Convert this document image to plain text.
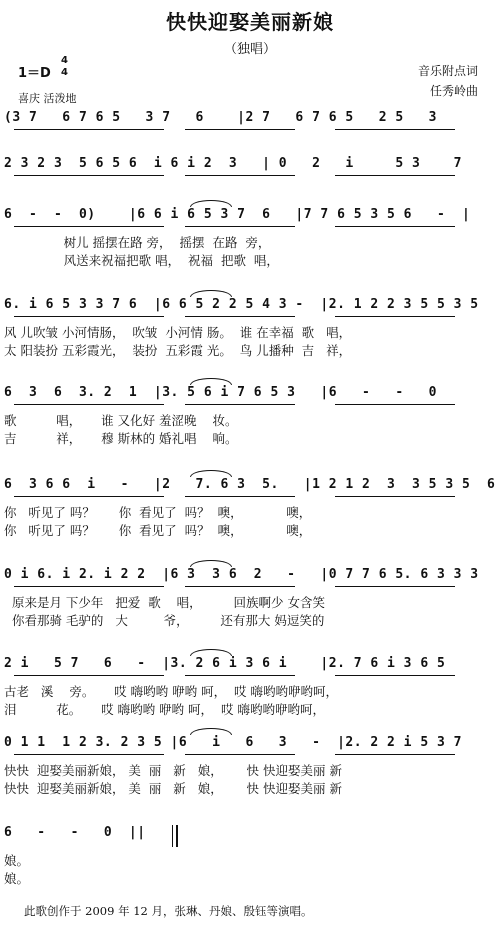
快快迎娶美丽新娘
（独唱）
1＝D
4
4
喜庆 活泼地
音乐附点词
任秀岭曲
(3 7   6 7 6 5   3 7   6    |2 7   6 7 6 5   2 5   3
2 3 2 3  5 6 5 6  i 6 i 2  3   | 0   2   i     5 3    7
6  -  -  0)    |6 6 i 6 5 3 7  6   |7 7 6 5 3 5 6   -  |
树儿 摇摆在路 旁，  摇摆  在路  旁，
风送来祝福把歌 唱，  祝福  把歌  唱，
6. i 6 5 3 3 7 6  |6 6 5 2 2 5 4 3 -  |2. 1 2 2 3 5 5 3 5
风 儿吹皱 小河情肠，  吹皱  小河情 肠。  谁 在幸福  歌   唱，
太 阳装扮 五彩霞光，  装扮  五彩霞 光。  鸟 儿播种  吉   祥，
6  3  6  3. 2  1  |3. 5 6 i 7 6 5 3   |6   -   -   0
歌          唱，     谁 又化好 羞涩晚    妆。
吉          祥，     穆 斯林的 婚礼唱    响。
6  3 6 6  i   -   |2   7. 6 3  5.   |1 2 1 2  3  3 5 3 5  6
你   听见了 吗？      你  看见了  吗？  噢，           噢，
你   听见了 吗？      你  看见了  吗？  噢，           噢，
0 i 6. i 2. i 2 2  |6 3  3 6  2   -   |0 7 7 6 5. 6 3 3 3
原来是月 下少年   把爱  歌    唱，        回族啊少 女含笑
你看那骑 毛驴的   大         爷，        还有那大 妈逗笑的
2 i   5 7   6   -  |3. 2 6 i 3 6 i    |2. 7 6 i 3 6 5
古老   溪    旁。     哎 嗨哟哟 咿哟 呵，  哎 嗨哟哟咿哟呵，
泪          花。     哎 嗨哟哟 咿哟 呵，  哎 嗨哟哟咿哟呵，
0 1 1  1 2 3. 2 3 5 |6   i   6   3   -  |2. 2 2 i 5 3 7
快快  迎娶美丽新娘， 美  丽   新   娘，      快 快迎娶美丽 新
快快  迎娶美丽新娘， 美  丽   新   娘，      快 快迎娶美丽 新
6   -   -   0  ||
娘。
娘。
此歌创作于 2009 年 12 月，张琳、丹娘、殷钰等演唱。
